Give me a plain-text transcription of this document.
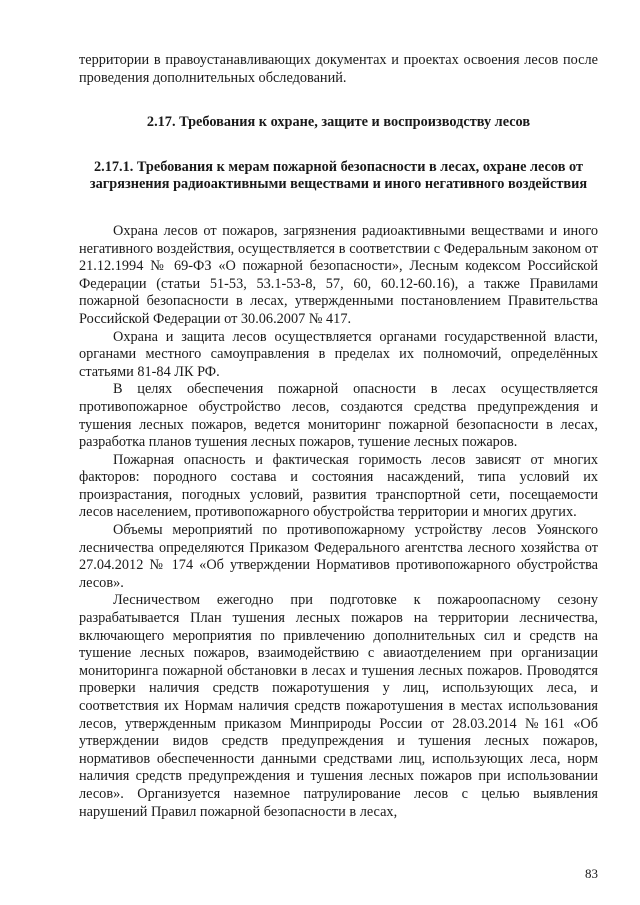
территории в правоустанавливающих документах и проектах освоения лесов после проведения дополнительных обследований.

2.17. Требования к охране, защите и воспроизводству лесов
2.17.1. Требования к мерам пожарной безопасности в лесах, охране лесов от загрязнения радиоактивными веществами и иного негативного воздействия

Охрана лесов от пожаров, загрязнения радиоактивными веществами и иного негативного воздействия, осуществляется в соответствии с Федеральным законом от 21.12.1994 № 69-ФЗ «О пожарной безопасности», Лесным кодексом Российской Федерации (статьи 51-53, 53.1-53-8, 57, 60, 60.12-60.16), а также Правилами пожарной безопасности в лесах, утвержденными постановлением Правительства Российской Федерации от 30.06.2007 № 417.

Охрана и защита лесов осуществляется органами государственной власти, органами местного самоуправления в пределах их полномочий, определённых статьями 81-84 ЛК РФ.

В целях обеспечения пожарной опасности в лесах осуществляется противопожарное обустройство лесов, создаются средства предупреждения и тушения лесных пожаров, ведется мониторинг пожарной безопасности в лесах, разработка планов тушения лесных пожаров, тушение лесных пожаров.

Пожарная опасность и фактическая горимость лесов зависят от многих факторов: породного состава и состояния насаждений, типа условий их произрастания, погодных условий, развития транспортной сети, посещаемости лесов населением, противопожарного обустройства территории и многих других.

Объемы мероприятий по противопожарному устройству лесов Уоянского лесничества определяются Приказом Федерального агентства лесного хозяйства от 27.04.2012 № 174 «Об утверждении Нормативов противопожарного обустройства лесов».

Лесничеством ежегодно при подготовке к пожароопасному сезону разрабатывается План тушения лесных пожаров на территории лесничества, включающего мероприятия по привлечению дополнительных сил и средств на тушение лесных пожаров, взаимодействию с авиаотделением при организации мониторинга пожарной обстановки в лесах и тушения лесных пожаров. Проводятся проверки наличия средств пожаротушения у лиц, использующих леса, и соответствия их Нормам наличия средств пожаротушения в местах использования лесов, утвержденным приказом Минприроды России от 28.03.2014 №161 «Об утверждении видов средств предупреждения и тушения лесных пожаров, нормативов обеспеченности данными средствами лиц, использующих леса, норм наличия средств предупреждения и тушения лесных пожаров при использовании лесов». Организуется наземное патрулирование лесов с целью выявления нарушений Правил пожарной безопасности в лесах,

83
